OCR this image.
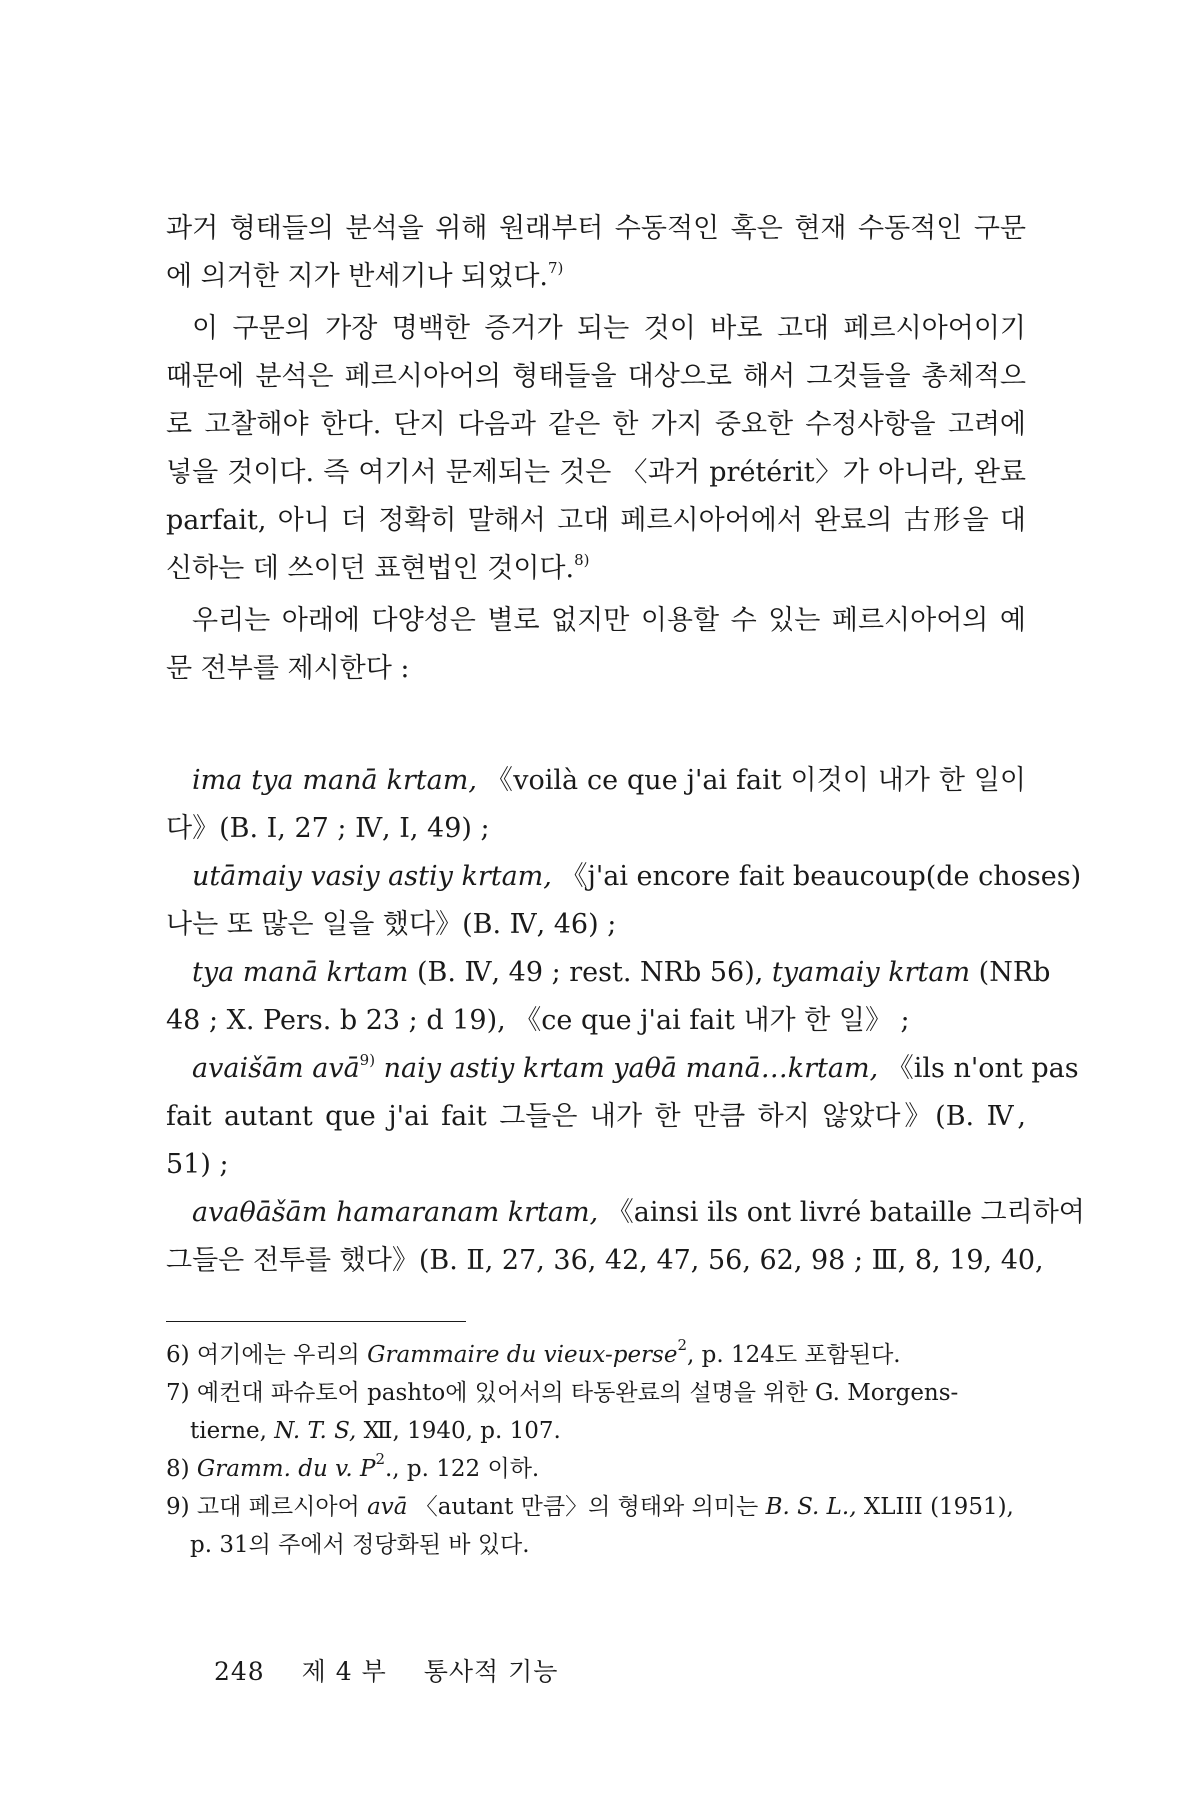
과거 형태들의 분석을 위해 원래부터 수동적인 혹은 현재 수동적인 구문
에 의거한 지가 반세기나 되었다.$^{7)}$
이 구문의 가장 명백한 증거가 되는 것이 바로 고대 페르시아어이기
때문에 분석은 페르시아어의 형태들을 대상으로 해서 그것들을 총체적으
로 고찰해야 한다. 단지 다음과 같은 한 가지 중요한 수정사항을 고려에
넣을 것이다. 즉 여기서 문제되는 것은 〈과거 prétérit〉가 아니라, 완료
parfait, 아니 더 정확히 말해서 고대 페르시아어에서 완료의 古形을 대
신하는 데 쓰이던 표현법인 것이다.$^{8)}$
우리는 아래에 다양성은 별로 없지만 이용할 수 있는 페르시아어의 예
문 전부를 제시한다 :
ima tya manā krtam, 《voilà ce que j'ai fait 이것이 내가 한 일이
다》(B. I, 27 ; Ⅳ, I, 49) ;
utāmaiy vasiy astiy krtam, 《j'ai encore fait beaucoup(de choses)
나는 또 많은 일을 했다》(B. Ⅳ, 46) ;
tya manā krtam (B. Ⅳ, 49 ; rest. NRb 56), tyamaiy krtam (NRb
48 ; X. Pers. b 23 ; d 19), 《ce que j'ai fait 내가 한 일》 ;
avaišām avā$^{9)}$ naiy astiy krtam yaθā manā…krtam, 《ils n'ont pas
fait autant que j'ai fait 그들은 내가 한 만큼 하지 않았다》(B. Ⅳ,
51) ;
avaθāšām hamaranam krtam, 《ainsi ils ont livré bataille 그리하여
그들은 전투를 했다》(B. Ⅱ, 27, 36, 42, 47, 56, 62, 98 ; Ⅲ, 8, 19, 40,
6) 여기에는 우리의 Grammaire du vieux-perse$^2$, p. 124도 포함된다.
7) 예컨대 파슈토어 pashto에 있어서의 타동완료의 설명을 위한 G. Morgens-
tierne, N. T. S, Ⅻ, 1940, p. 107.
8) Gramm. du v. $P^2$., p. 122 이하.
9) 고대 페르시아어 avā 〈autant 만큼〉의 형태와 의미는 B. S. L., XLIII (1951),
p. 31의 주에서 정당화된 바 있다.
248 제 4 부 통사적 기능
